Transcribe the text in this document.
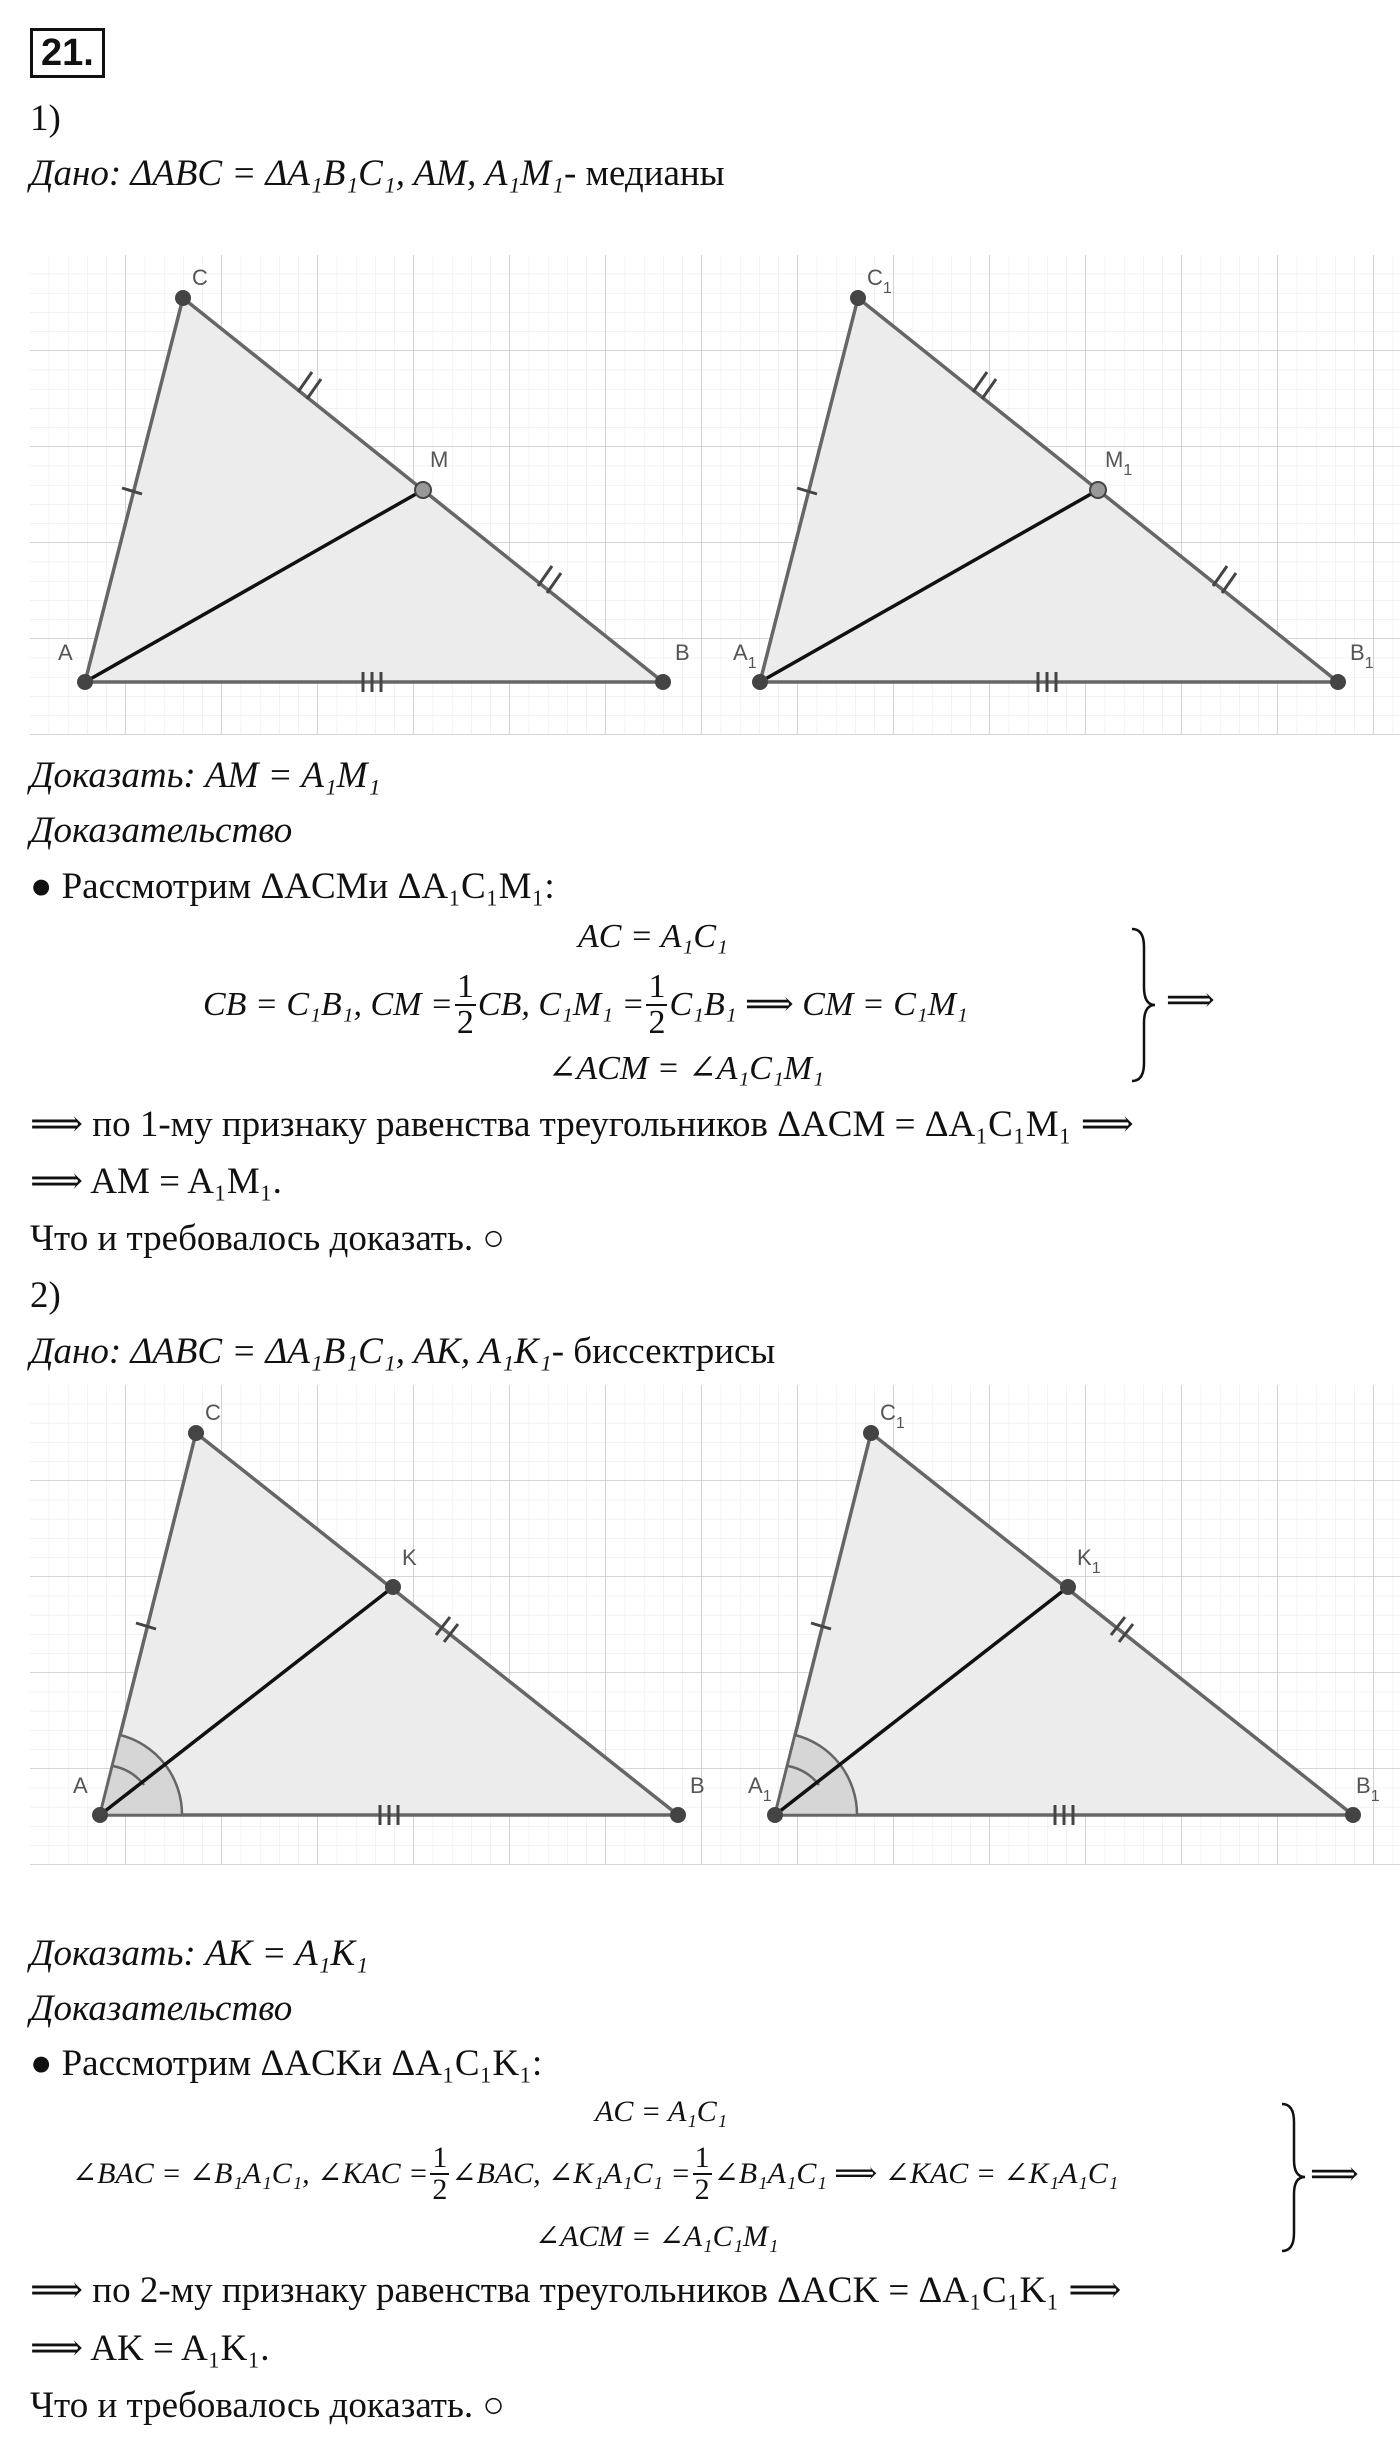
21.
1)
Дано: ΔABC = ΔA₁B₁C₁, AM, A₁M₁- медианы
A
C
B
M
$A_1$
$C_1$
$B_1$
$M_1$
Доказать: AM = A₁M₁
Доказательство
● Рассмотрим ΔACMи ΔA₁C₁M₁:
AC = A₁C₁
CB = C₁B₁, CM = $\frac{1}{2}$ CB, $C_1M_1 = \frac{1}{2} C_1B_1$ ⟹ CM = C₁M₁
∠ACM = ∠A₁C₁M₁
⟹
⟹ по 1-му признаку равенства треугольников ΔACM = ΔA₁C₁M₁ ⟹
⟹ AM = A₁M₁.
Что и требовалось доказать. ○
2)
Дано: ΔABC = ΔA₁B₁C₁, AK, A₁K₁- биссектрисы
A
C
B
K
$A_1$
$C_1$
$B_1$
$K_1$
Доказать: AK = A₁K₁
Доказательство
● Рассмотрим ΔACKи ΔA₁C₁K₁:
AC = A₁C₁
∠BAC = ∠B₁A₁C₁, ∠KAC = $\frac{1}{2}$ ∠BAC, ∠K₁A₁C₁ = $\frac{1}{2}$ ∠B₁A₁C₁ ⟹ ∠KAC = ∠K₁A₁C₁
∠ACM = ∠A₁C₁M₁
⟹
⟹ по 2-му признаку равенства треугольников ΔACK = ΔA₁C₁K₁ ⟹
⟹ AK = A₁K₁.
Что и требовалось доказать. ○
